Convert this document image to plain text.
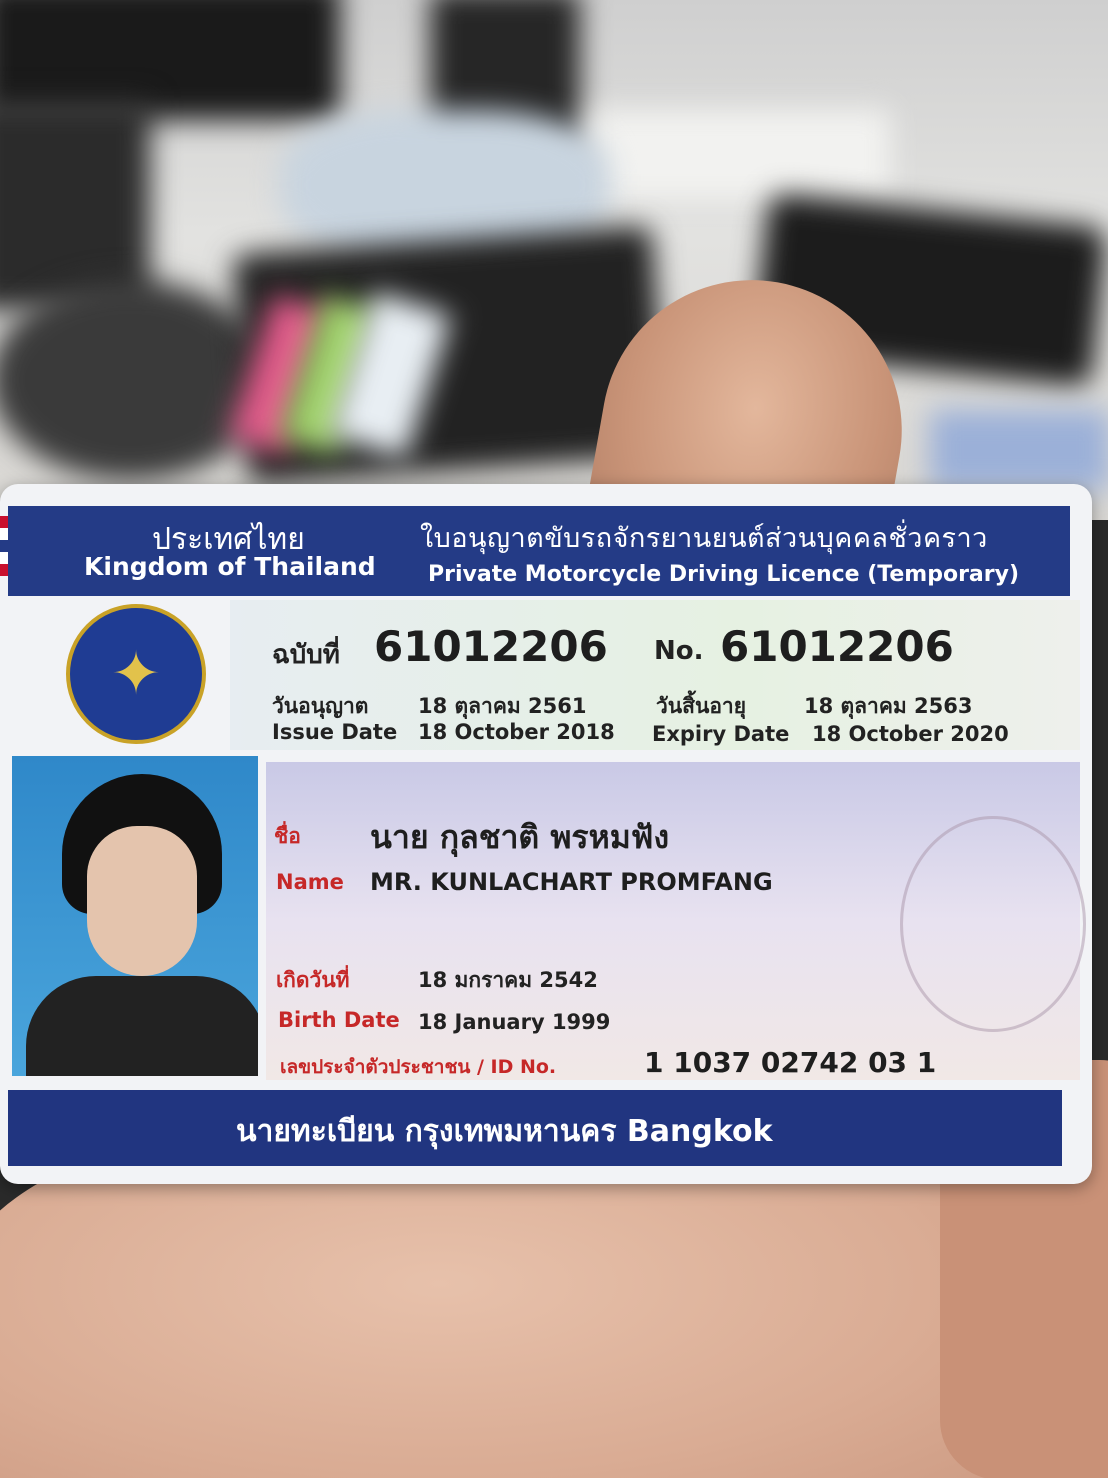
ประเทศไทย
Kingdom of Thailand
ใบอนุญาตขับรถจักรยานยนต์ส่วนบุคคลชั่วคราว
Private Motorcycle Driving Licence (Temporary)
✦	ฉบับที่ 61012206 No. 61012206
วันอนุญาต 18 ตุลาคม 2561
Issue Date 18 October 2018
วันสิ้นอายุ	18 ตุลาคม 2563
Expiry Date 18 October 2020
ชื่อ นาย กุลชาติ พรหมฟัง
Name MR. KUNLACHART PROMFANG
เกิดวันที่	18 มกราคม 2542
Birth Date 18 January 1999
เลขประจำตัวประชาชน / ID No.	1 1037 02742 03 1
นายทะเบียน กรุงเทพมหานคร Bangkok
